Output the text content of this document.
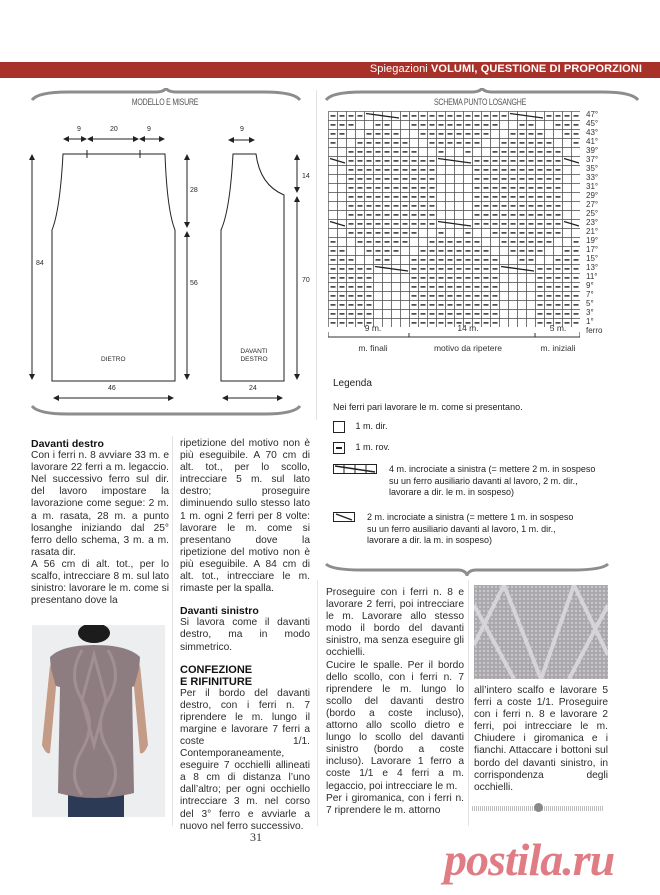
Spiegazioni VOLUMI, QUESTIONE DI PROPORZIONI
MODELLO E MISURE	SCHEMA PUNTO LOSANGHE
9	20	9
84
28
56
46
DIETRO
9
14
70
24
DAVANTI
DESTRO
47°
45°
43°
41°
39°
37°
35°
33°
31°
29°
27°
25°
23°
21°
19°
17°
15°
13°
11°
9°
7°
5°
3°
1° ferro
9 m.
m. finali
14 m.
motivo da ripetere
5 m.
m. iniziali
Legenda
Nei ferri pari lavorare le m. come si presentano.
1 m. dir.
1 m. rov.
4 m. incrociate a sinistra (= mettere 2 m. in sospeso
su un ferro ausiliario davanti al lavoro, 2 m. dir.,
lavorare a dir. le m. in sospeso)
2 m. incrociate a sinistra (= mettere 1 m. in sospeso
su un ferro ausiliario davanti al lavoro, 1 m. dir.,
lavorare a dir. la m. in sospeso)
Davanti destro

Con i ferri n. 8 avviare 33 m. e lavorare 22 ferri a m. legaccio. Nel successivo ferro sul dir. del lavoro impostare la lavorazione come segue: 2 m. a m. rasata, 28 m. a punto losanghe iniziando dal 25° ferro dello schema, 3 m. a m. rasata dir.

A 56 cm di alt. tot., per lo scalfo, intrecciare 8 m. sul lato sinistro: lavorare le m. come si presentano dove la

ripetizione del motivo non è più eseguibile. A 70 cm di alt. tot., per lo scollo, intrecciare 5 m. sul lato destro; proseguire diminuendo sullo stesso lato 1 m. ogni 2 ferri per 8 volte: lavorare le m. come si presentano dove la ripetizione del motivo non è più eseguibile. A 84 cm di alt. tot., intrecciare le m. rimaste per la spalla.

Davanti sinistro

Si lavora come il davanti destro, ma in modo simmetrico.

CONFEZIONE
E RIFINITURE

Per il bordo del davanti destro, con i ferri n. 7 riprendere le m. lungo il margine e lavorare 7 ferri a coste 1/1. Contemporaneamente, eseguire 7 occhielli allineati a 8 cm di distanza l’uno dall’altro; per ogni occhiello intrecciare 3 m. nel corso del 3° ferro e avviarle a nuovo nel ferro successivo.

Proseguire con i ferri n. 8 e lavorare 2 ferri, poi intrecciare le m. Lavorare allo stesso modo il bordo del davanti sinistro, ma senza eseguire gli occhielli.

Cucire le spalle. Per il bordo dello scollo, con i ferri n. 7 riprendere le m. lungo lo scollo del davanti destro (bordo a coste incluso), attorno allo scollo dietro e lungo lo scollo del davanti sinistro (bordo a coste incluso). Lavorare 1 ferro a coste 1/1 e 4 ferri a m. legaccio, poi intrecciare le m.

Per i giromanica, con i ferri n. 7 riprendere le m. attorno

all’intero scalfo e lavorare 5 ferri a coste 1/1. Proseguire con i ferri n. 8 e lavorare 2 ferri, poi intrecciare le m. Chiudere i giromanica e i fianchi. Attaccare i bottoni sul bordo del davanti sinistro, in corrispondenza degli occhielli.

31	postila.ru
